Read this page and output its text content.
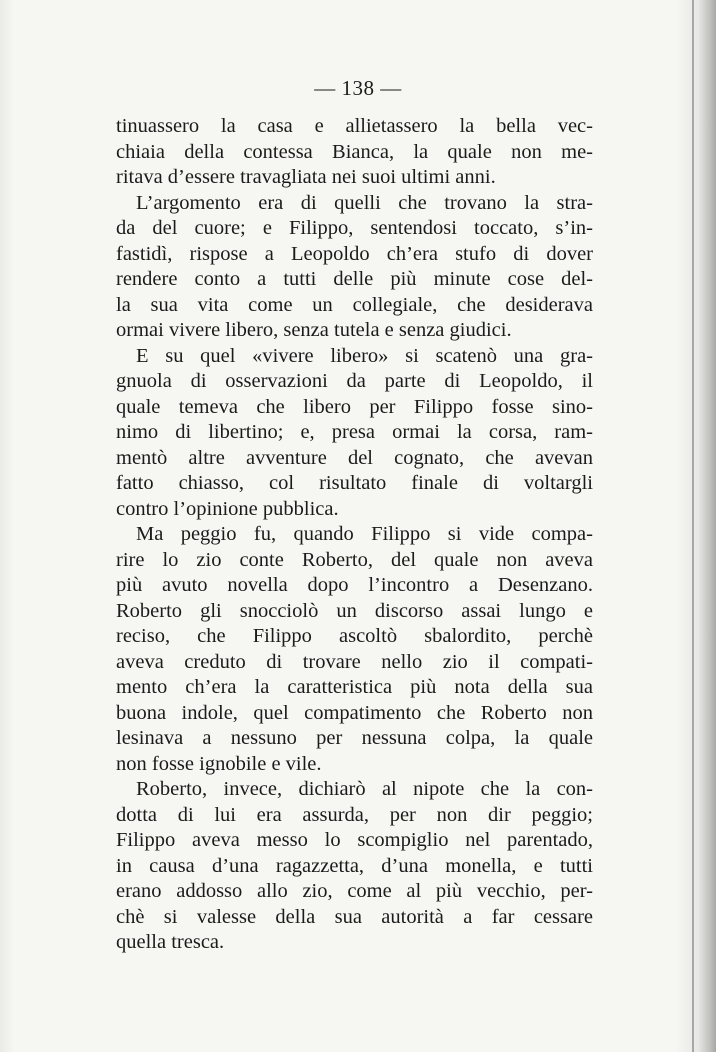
— 138 —
tinuassero la casa e allietassero la bella vec-
chiaia della contessa Bianca, la quale non me-
ritava d’essere travagliata nei suoi ultimi anni.
L’argomento era di quelli che trovano la stra-
da del cuore; e Filippo, sentendosi toccato, s’in-
fastidì, rispose a Leopoldo ch’era stufo di dover
rendere conto a tutti delle più minute cose del-
la sua vita come un collegiale, che desiderava
ormai vivere libero, senza tutela e senza giudici.
E su quel «vivere libero» si scatenò una gra-
gnuola di osservazioni da parte di Leopoldo, il
quale temeva che libero per Filippo fosse sino-
nimo di libertino; e, presa ormai la corsa, ram-
mentò altre avventure del cognato, che avevan
fatto chiasso, col risultato finale di voltargli
contro l’opinione pubblica.
Ma peggio fu, quando Filippo si vide compa-
rire lo zio conte Roberto, del quale non aveva
più avuto novella dopo l’incontro a Desenzano.
Roberto gli snocciolò un discorso assai lungo e
reciso, che Filippo ascoltò sbalordito, perchè
aveva creduto di trovare nello zio il compati-
mento ch’era la caratteristica più nota della sua
buona indole, quel compatimento che Roberto non
lesinava a nessuno per nessuna colpa, la quale
non fosse ignobile e vile.
Roberto, invece, dichiarò al nipote che la con-
dotta di lui era assurda, per non dir peggio;
Filippo aveva messo lo scompiglio nel parentado,
in causa d’una ragazzetta, d’una monella, e tutti
erano addosso allo zio, come al più vecchio, per-
chè si valesse della sua autorità a far cessare
quella tresca.
